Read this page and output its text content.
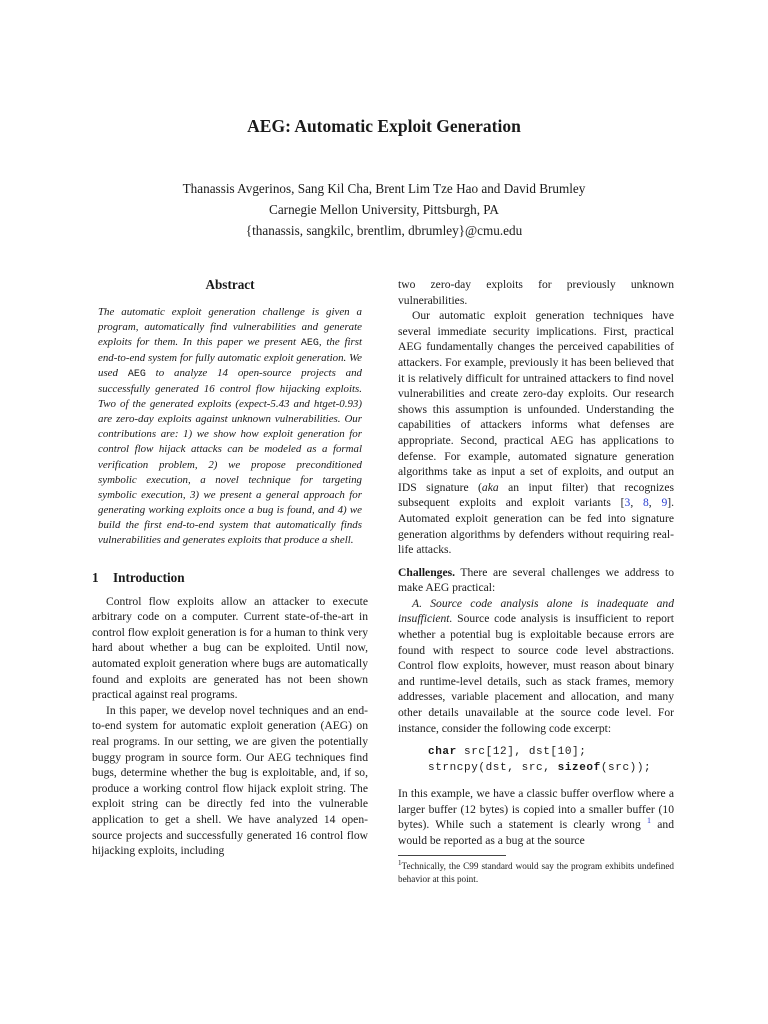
AEG: Automatic Exploit Generation
Thanassis Avgerinos, Sang Kil Cha, Brent Lim Tze Hao and David Brumley
Carnegie Mellon University, Pittsburgh, PA
{thanassis, sangkilc, brentlim, dbrumley}@cmu.edu
Abstract

The automatic exploit generation challenge is given a program, automatically find vulnerabilities and generate exploits for them. In this paper we present AEG, the first end-to-end system for fully automatic exploit generation. We used AEG to analyze 14 open-source projects and successfully generated 16 control flow hijacking exploits. Two of the generated exploits (expect-5.43 and htget-0.93) are zero-day exploits against unknown vulnerabilities. Our contributions are: 1) we show how exploit generation for control flow hijack attacks can be modeled as a formal verification problem, 2) we propose preconditioned symbolic execution, a novel technique for targeting symbolic execution, 3) we present a general approach for generating working exploits once a bug is found, and 4) we build the first end-to-end system that automatically finds vulnerabilities and generates exploits that produce a shell.

1 Introduction

Control flow exploits allow an attacker to execute arbitrary code on a computer. Current state-of-the-art in control flow exploit generation is for a human to think very hard about whether a bug can be exploited. Until now, automated exploit generation where bugs are automatically found and exploits are generated has not been shown practical against real programs.

In this paper, we develop novel techniques and an end-to-end system for automatic exploit generation (AEG) on real programs. In our setting, we are given the potentially buggy program in source form. Our AEG techniques find bugs, determine whether the bug is exploitable, and, if so, produce a working control flow hijack exploit string. The exploit string can be directly fed into the vulnerable application to get a shell. We have analyzed 14 open-source projects and successfully generated 16 control flow hijacking exploits, including

two zero-day exploits for previously unknown vulnerabilities.

Our automatic exploit generation techniques have several immediate security implications. First, practical AEG fundamentally changes the perceived capabilities of attackers. For example, previously it has been believed that it is relatively difficult for untrained attackers to find novel vulnerabilities and create zero-day exploits. Our research shows this assumption is unfounded. Understanding the capabilities of attackers informs what defenses are appropriate. Second, practical AEG has applications to defense. For example, automated signature generation algorithms take as input a set of exploits, and output an IDS signature (aka an input filter) that recognizes subsequent exploits and exploit variants [3, 8, 9]. Automated exploit generation can be fed into signature generation algorithms by defenders without requiring real-life attacks.

Challenges. There are several challenges we address to make AEG practical:

A. Source code analysis alone is inadequate and insufficient. Source code analysis is insufficient to report whether a potential bug is exploitable because errors are found with respect to source code level abstractions. Control flow exploits, however, must reason about binary and runtime-level details, such as stack frames, memory addresses, variable placement and allocation, and many other details unavailable at the source code level. For instance, consider the following code excerpt:

char src[12], dst[10];
strncpy(dst, src, sizeof(src));

In this example, we have a classic buffer overflow where a larger buffer (12 bytes) is copied into a smaller buffer (10 bytes). While such a statement is clearly wrong $^1$ and would be reported as a bug at the source

$^1$Technically, the C99 standard would say the program exhibits undefined behavior at this point.
